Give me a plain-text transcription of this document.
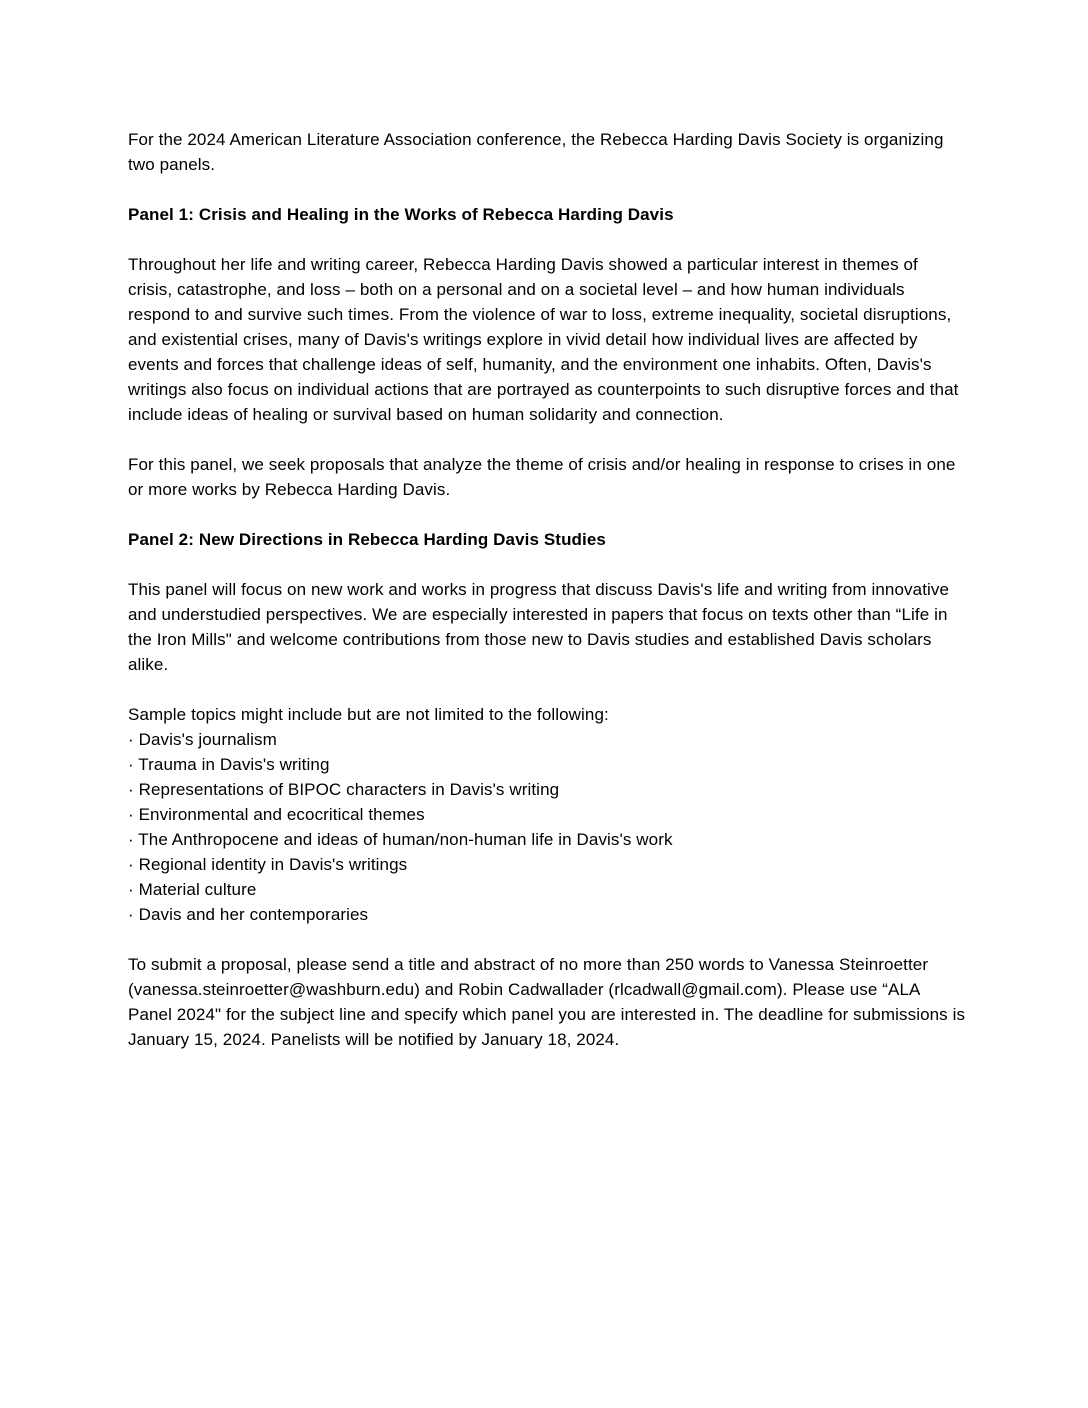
For the 2024 American Literature Association conference, the Rebecca Harding Davis Society is organizing two panels.

Panel 1: Crisis and Healing in the Works of Rebecca Harding Davis

Throughout her life and writing career, Rebecca Harding Davis showed a particular interest in themes of crisis, catastrophe, and loss – both on a personal and on a societal level – and how human individuals respond to and survive such times. From the violence of war to loss, extreme inequality, societal disruptions, and existential crises, many of Davis's writings explore in vivid detail how individual lives are affected by events and forces that challenge ideas of self, humanity, and the environment one inhabits. Often, Davis's writings also focus on individual actions that are portrayed as counterpoints to such disruptive forces and that include ideas of healing or survival based on human solidarity and connection.

For this panel, we seek proposals that analyze the theme of crisis and/or healing in response to crises in one or more works by Rebecca Harding Davis.

Panel 2: New Directions in Rebecca Harding Davis Studies

This panel will focus on new work and works in progress that discuss Davis's life and writing from innovative and understudied perspectives. We are especially interested in papers that focus on texts other than “Life in the Iron Mills" and welcome contributions from those new to Davis studies and established Davis scholars alike.

Sample topics might include but are not limited to the following:
· Davis's journalism
· Trauma in Davis's writing
· Representations of BIPOC characters in Davis's writing
· Environmental and ecocritical themes
· The Anthropocene and ideas of human/non-human life in Davis's work
· Regional identity in Davis's writings
· Material culture
· Davis and her contemporaries

To submit a proposal, please send a title and abstract of no more than 250 words to Vanessa Steinroetter (vanessa.steinroetter@washburn.edu) and Robin Cadwallader (rlcadwall@gmail.com). Please use “ALA Panel 2024" for the subject line and specify which panel you are interested in. The deadline for submissions is January 15, 2024. Panelists will be notified by January 18, 2024.
